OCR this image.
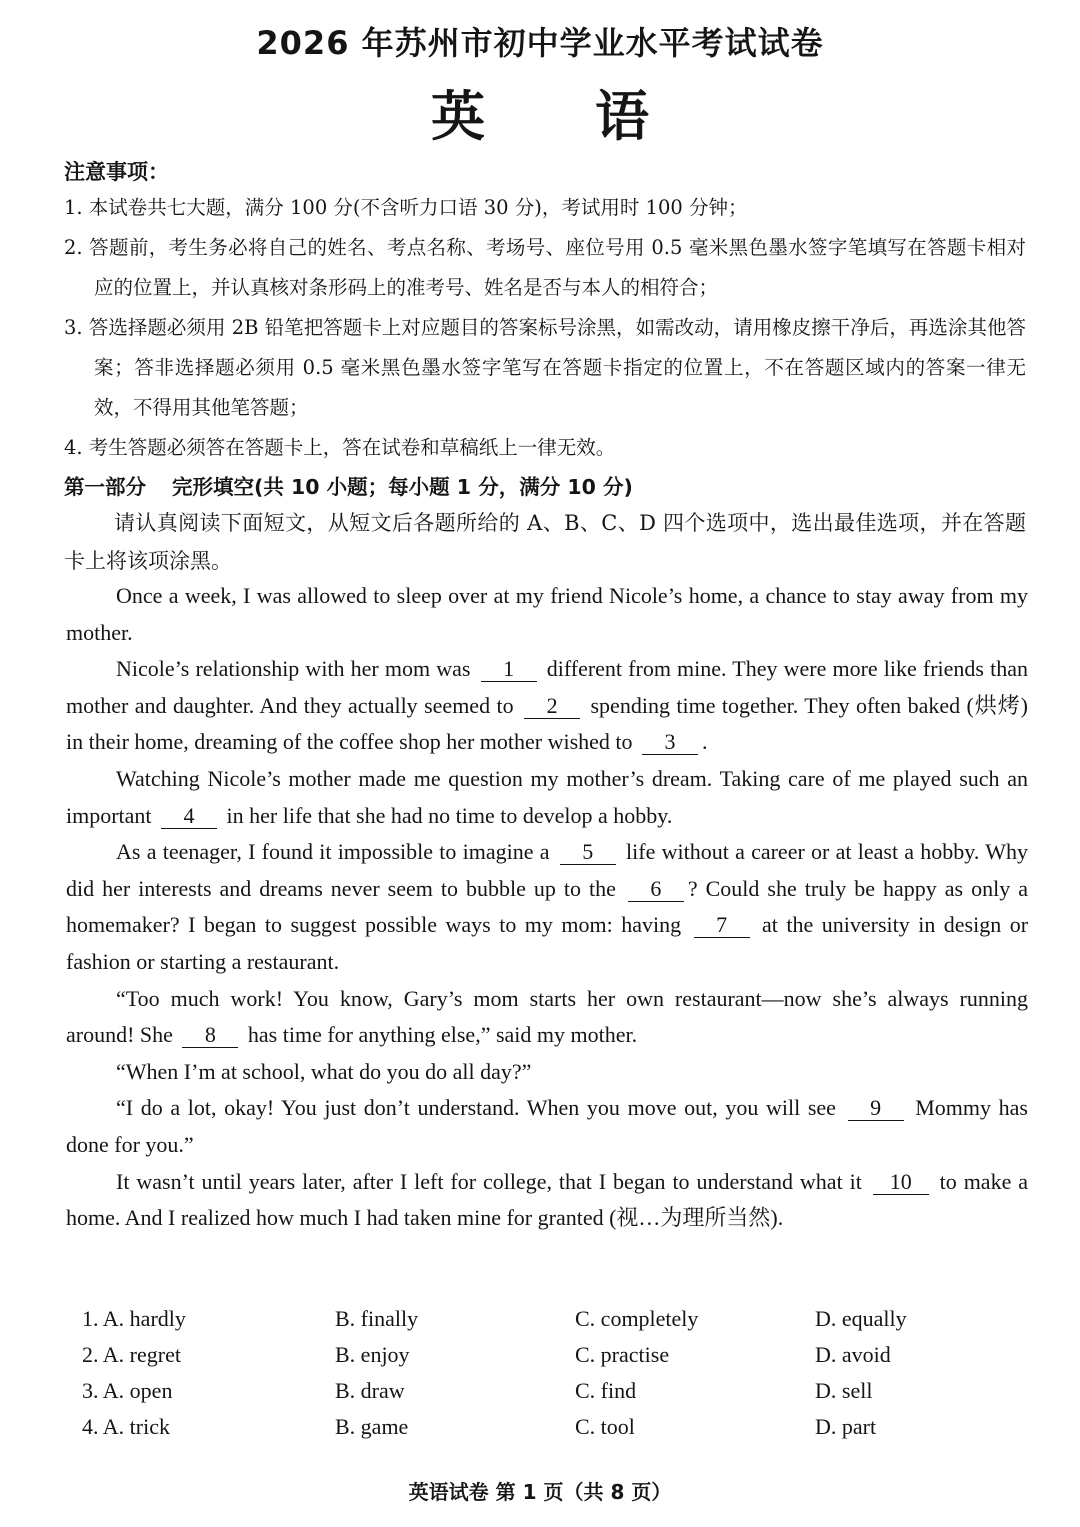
2026 年苏州市初中学业水平考试试卷
英语
注意事项：
1. 本试卷共七大题，满分 100 分(不含听力口语 30 分)，考试用时 100 分钟；
2. 答题前，考生务必将自己的姓名、考点名称、考场号、座位号用 0.5 毫米黑色墨水签字笔填写在答题卡相对应的位置上，并认真核对条形码上的准考号、姓名是否与本人的相符合；
3. 答选择题必须用 2B 铅笔把答题卡上对应题目的答案标号涂黑，如需改动，请用橡皮擦干净后，再选涂其他答案；答非选择题必须用 0.5 毫米黑色墨水签字笔写在答题卡指定的位置上，不在答题区域内的答案一律无效，不得用其他笔答题；
4. 考生答题必须答在答题卡上，答在试卷和草稿纸上一律无效。
第一部分 完形填空(共 10 小题；每小题 1 分，满分 10 分)
请认真阅读下面短文，从短文后各题所给的 A、B、C、D 四个选项中，选出最佳选项，并在答题卡上将该项涂黑。

Once a week, I was allowed to sleep over at my friend Nicole’s home, a chance to stay away from my mother.

Nicole’s relationship with her mom was 1 different from mine. They were more like friends than mother and daughter. And they actually seemed to 2 spending time together. They often baked (烘烤) in their home, dreaming of the coffee shop her mother wished to 3 .

Watching Nicole’s mother made me question my mother’s dream. Taking care of me played such an important 4 in her life that she had no time to develop a hobby.

As a teenager, I found it impossible to imagine a 5 life without a career or at least a hobby. Why did her interests and dreams never seem to bubble up to the 6 ? Could she truly be happy as only a homemaker? I began to suggest possible ways to my mom: having 7 at the university in design or fashion or starting a restaurant.

“Too much work! You know, Gary’s mom starts her own restaurant—now she’s always running around! She 8 has time for anything else,” said my mother.

“When I’m at school, what do you do all day?”

“I do a lot, okay! You just don’t understand. When you move out, you will see 9 Mommy has done for you.”

It wasn’t until years later, after I left for college, that I began to understand what it 10 to make a home. And I realized how much I had taken mine for granted (视…为理所当然).

1. A. hardly	B. finally	C. completely	D. equally
2. A. regret	B. enjoy	C. practise	D. avoid
3. A. open	B. draw	C. find	D. sell
4. A. trick	B. game	C. tool	D. part
英语试卷 第 1 页（共 8 页）
